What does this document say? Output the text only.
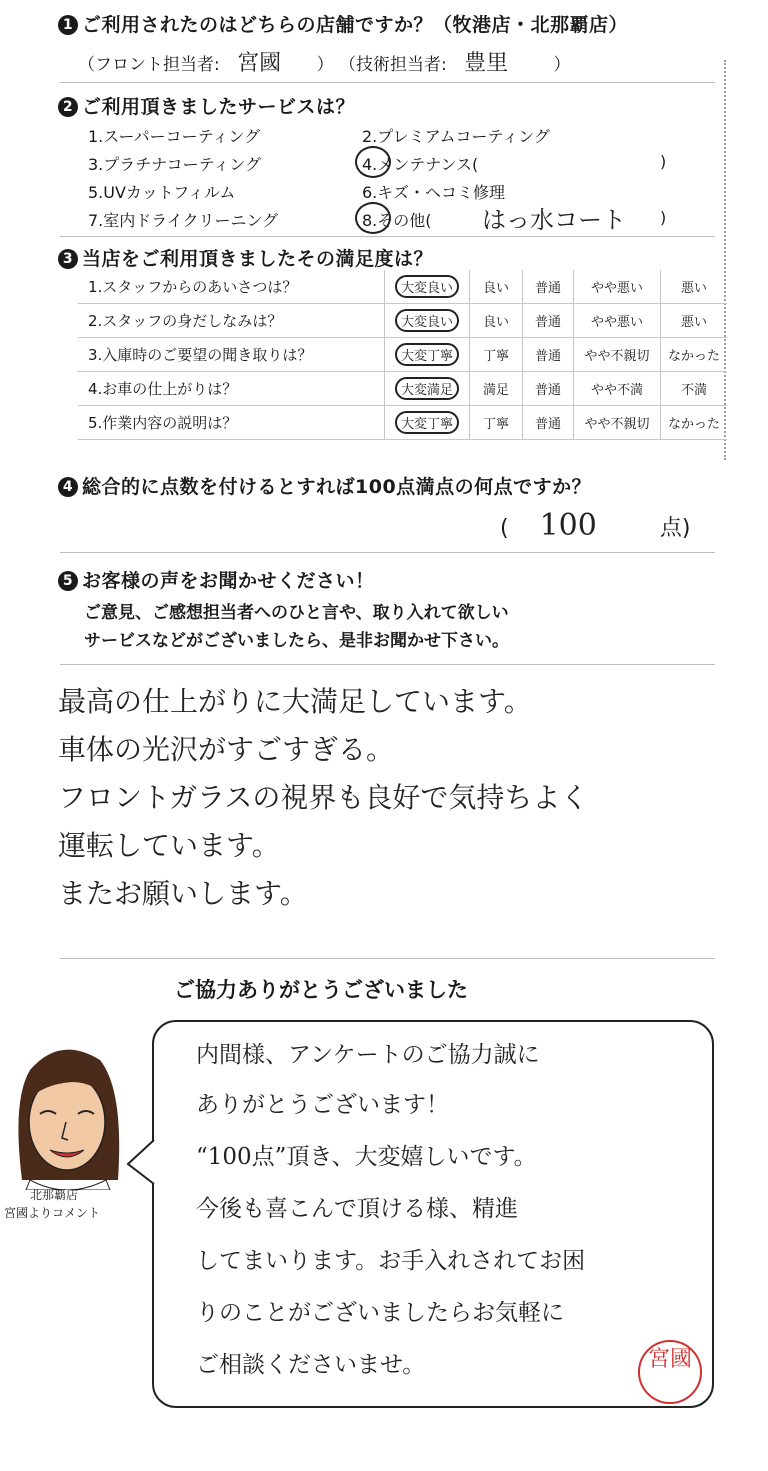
1 ご利用されたのはどちらの店舗ですか？（牧港店・北那覇店）
（フロント担当者: 宮國 ） （技術担当者: 豊里	）
2 ご利用頂きましたサービスは？
1.スーパーコーティング	2.プレミアムコーティング
3.プラチナコーティング	4.メンテナンス(	)
5.UVカットフィルム	6.キズ・ヘコミ修理
7.室内ドライクリーニング	8.その他( はっ水コート )
3 当店をご利用頂きましたその満足度は？
1.スタッフからのあいさつは？	大変良い	良い	普通	やや悪い	悪い
2.スタッフの身だしなみは？	大変良い	良い	普通	やや悪い	悪い
3.入庫時のご要望の聞き取りは？	大変丁寧	丁寧	普通	やや不親切	なかった
4.お車の仕上がりは？	大変満足	満足	普通	やや不満	不満
5.作業内容の説明は？	大変丁寧	丁寧	普通	やや不親切	なかった
4 総合的に点数を付けるとすれば100点満点の何点ですか？
( 100	点)
5 お客様の声をお聞かせください！
ご意見、ご感想担当者へのひと言や、取り入れて欲しい
サービスなどがございましたら、是非お聞かせ下さい。
最高の仕上がりに大満足しています。
車体の光沢がすごすぎる。
フロントガラスの視界も良好で気持ちよく
運転しています。
またお願いします。
ご協力ありがとうございました
北那覇店
宮國よりコメント
内間様、アンケートのご協力誠に
ありがとうございます！
“100点”頂き、大変嬉しいです。
今後も喜こんで頂ける様、精進
してまいります。お手入れされてお困
りのことがございましたらお気軽に
ご相談くださいませ。	宮國
